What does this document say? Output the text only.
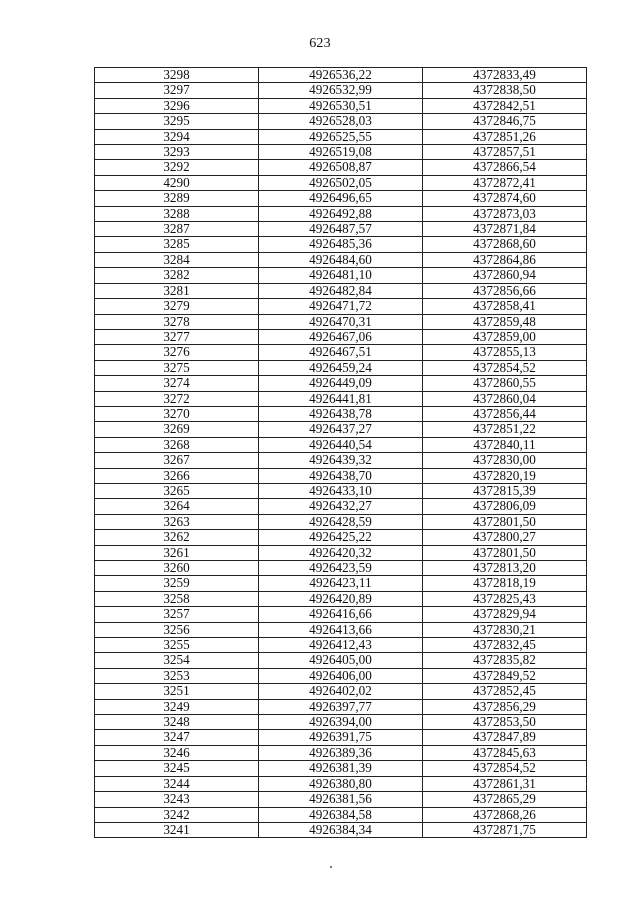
623
3298	4926536,22	4372833,49
3297	4926532,99	4372838,50
3296	4926530,51	4372842,51
3295	4926528,03	4372846,75
3294	4926525,55	4372851,26
3293	4926519,08	4372857,51
3292	4926508,87	4372866,54
4290	4926502,05	4372872,41
3289	4926496,65	4372874,60
3288	4926492,88	4372873,03
3287	4926487,57	4372871,84
3285	4926485,36	4372868,60
3284	4926484,60	4372864,86
3282	4926481,10	4372860,94
3281	4926482,84	4372856,66
3279	4926471,72	4372858,41
3278	4926470,31	4372859,48
3277	4926467,06	4372859,00
3276	4926467,51	4372855,13
3275	4926459,24	4372854,52
3274	4926449,09	4372860,55
3272	4926441,81	4372860,04
3270	4926438,78	4372856,44
3269	4926437,27	4372851,22
3268	4926440,54	4372840,11
3267	4926439,32	4372830,00
3266	4926438,70	4372820,19
3265	4926433,10	4372815,39
3264	4926432,27	4372806,09
3263	4926428,59	4372801,50
3262	4926425,22	4372800,27
3261	4926420,32	4372801,50
3260	4926423,59	4372813,20
3259	4926423,11	4372818,19
3258	4926420,89	4372825,43
3257	4926416,66	4372829,94
3256	4926413,66	4372830,21
3255	4926412,43	4372832,45
3254	4926405,00	4372835,82
3253	4926406,00	4372849,52
3251	4926402,02	4372852,45
3249	4926397,77	4372856,29
3248	4926394,00	4372853,50
3247	4926391,75	4372847,89
3246	4926389,36	4372845,63
3245	4926381,39	4372854,52
3244	4926380,80	4372861,31
3243	4926381,56	4372865,29
3242	4926384,58	4372868,26
3241	4926384,34	4372871,75
